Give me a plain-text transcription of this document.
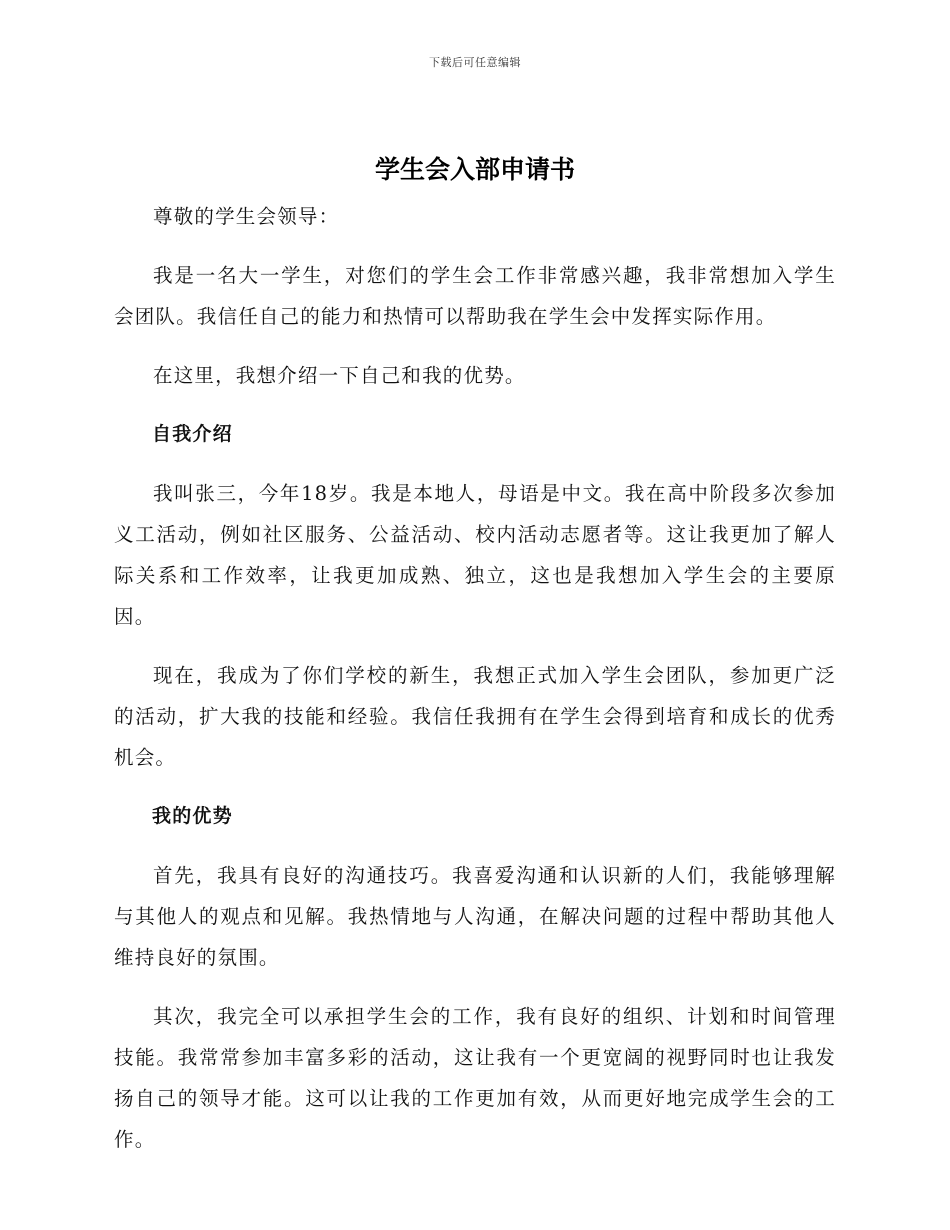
下载后可任意编辑
学生会入部申请书

尊敬的学生会领导：

我是一名大一学生，对您们的学生会工作非常感兴趣，我非常想加入学生会团队。我信任自己的能力和热情可以帮助我在学生会中发挥实际作用。

在这里，我想介绍一下自己和我的优势。

自我介绍

我叫张三，今年18岁。我是本地人，母语是中文。我在高中阶段多次参加义工活动，例如社区服务、公益活动、校内活动志愿者等。这让我更加了解人际关系和工作效率，让我更加成熟、独立，这也是我想加入学生会的主要原因。

现在，我成为了你们学校的新生，我想正式加入学生会团队，参加更广泛的活动，扩大我的技能和经验。我信任我拥有在学生会得到培育和成长的优秀机会。

我的优势

首先，我具有良好的沟通技巧。我喜爱沟通和认识新的人们，我能够理解与其他人的观点和见解。我热情地与人沟通，在解决问题的过程中帮助其他人维持良好的氛围。

其次，我完全可以承担学生会的工作，我有良好的组织、计划和时间管理技能。我常常参加丰富多彩的活动，这让我有一个更宽阔的视野同时也让我发扬自己的领导才能。这可以让我的工作更加有效，从而更好地完成学生会的工作。
